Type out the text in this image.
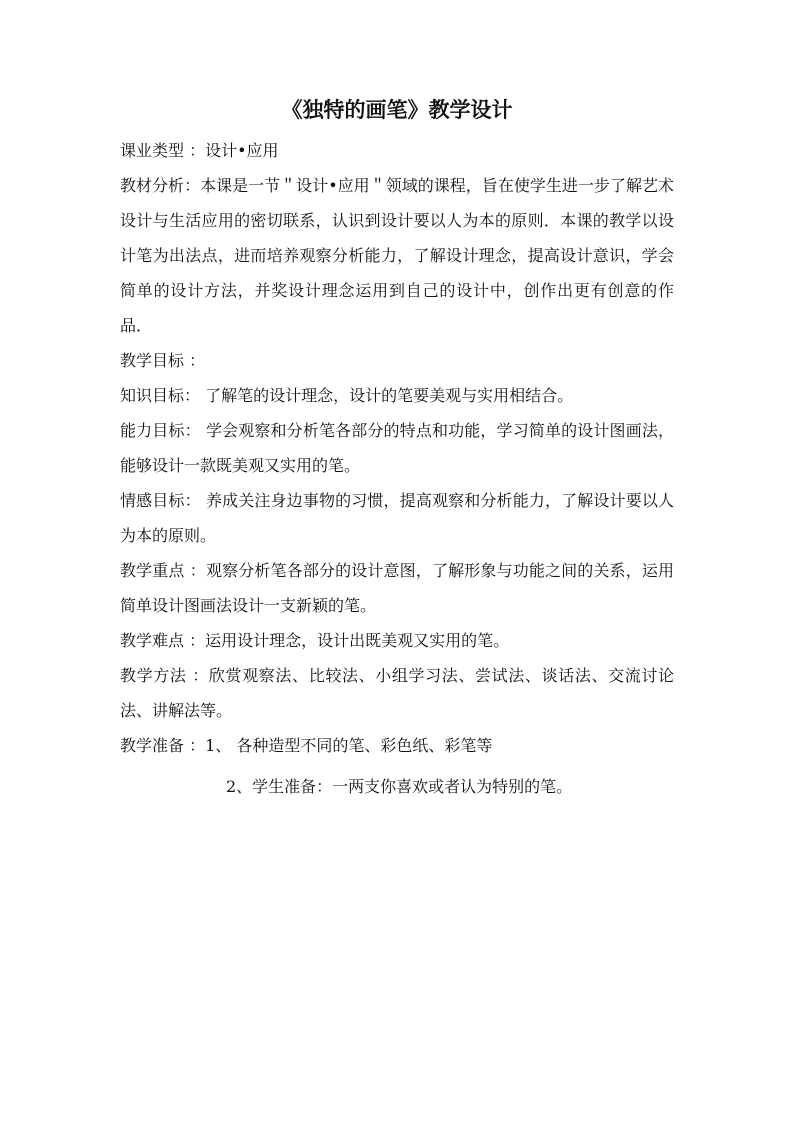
《独特的画笔》教学设计

课业类型 ：设计•应用

教材分析：本课是一节＂设计•应用＂领域的课程，旨在使学生进一步了解艺术设计与生活应用的密切联系，认识到设计要以人为本的原则．本课的教学以设计笔为出法点，进而培养观察分析能力，了解设计理念，提高设计意识，学会简单的设计方法，并奖设计理念运用到自己的设计中，创作出更有创意的作品．

教学目标 ：

知识目标： 了解笔的设计理念，设计的笔要美观与实用相结合。

能力目标： 学会观察和分析笔各部分的特点和功能，学习简单的设计图画法，能够设计一款既美观又实用的笔。

情感目标： 养成关注身边事物的习惯，提高观察和分析能力，了解设计要以人为本的原则。

教学重点 ：观察分析笔各部分的设计意图，了解形象与功能之间的关系，运用简单设计图画法设计一支新颖的笔。

教学难点 ：运用设计理念，设计出既美观又实用的笔。

教学方法 ：欣赏观察法、比较法、小组学习法、尝试法、谈话法、交流讨论法、讲解法等。

教学准备 ：1、 各种造型不同的笔、彩色纸、彩笔等

2、学生准备：一两支你喜欢或者认为特别的笔。
